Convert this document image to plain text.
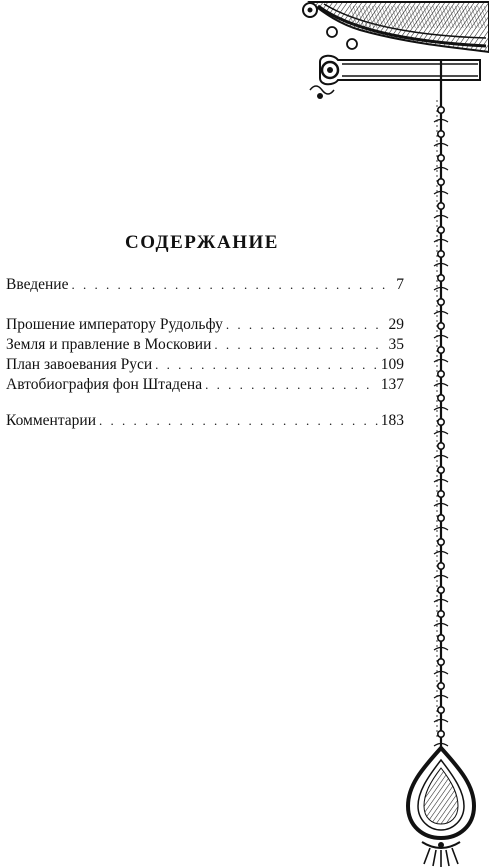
СОДЕРЖАНИЕ
Введение . . .	7
Прошение императору Рудольфу . . .	29
Земля и правление в Московии . . .	35
План завоевания Руси . . .	109
Автобиография фон Штадена . . .	137
Комментарии . . .	183
